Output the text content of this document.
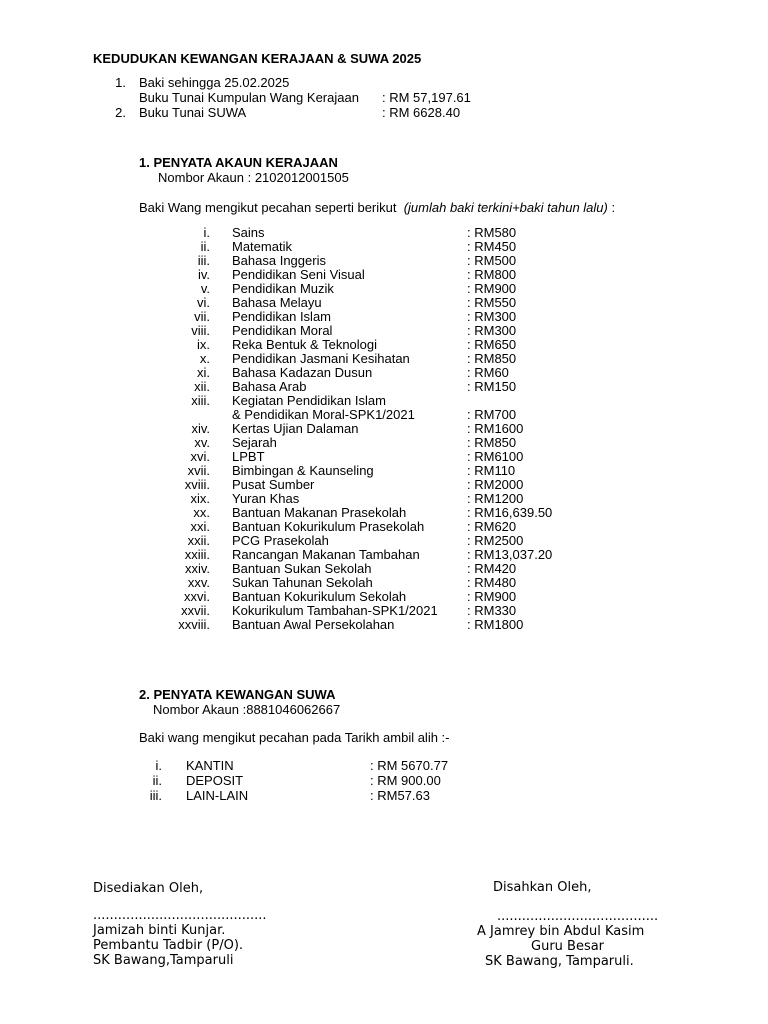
KEDUDUKAN KEWANGAN KERAJAAN & SUWA 2025
1. Baki sehingga 25.02.2025
Buku Tunai Kumpulan Wang Kerajaan : RM 57,197.61
2. Buku Tunai SUWA	: RM 6628.40
1. PENYATA AKAUN KERAJAAN
Nombor Akaun : 2102012001505
Baki Wang mengikut pecahan seperti berikut  (jumlah baki terkini+baki tahun lalu) :
i. Sains	: RM580
ii. Matematik	: RM450
iii. Bahasa Inggeris	: RM500
iv. Pendidikan Seni Visual	: RM800
v. Pendidikan Muzik	: RM900
vi. Bahasa Melayu	: RM550
vii. Pendidikan Islam	: RM300
viii. Pendidikan Moral	: RM300
ix. Reka Bentuk & Teknologi	: RM650
x. Pendidikan Jasmani Kesihatan	: RM850
xi. Bahasa Kadazan Dusun	: RM60
xii. Bahasa Arab	: RM150
xiii. Kegiatan Pendidikan Islam
& Pendidikan Moral-SPK1/2021	: RM700
xiv. Kertas Ujian Dalaman	: RM1600
xv. Sejarah	: RM850
xvi. LPBT	: RM6100
xvii. Bimbingan & Kaunseling	: RM110
xviii. Pusat Sumber	: RM2000
xix. Yuran Khas	: RM1200
xx. Bantuan Makanan Prasekolah	: RM16,639.50
xxi. Bantuan Kokurikulum Prasekolah	: RM620
xxii. PCG Prasekolah	: RM2500
xxiii. Rancangan Makanan Tambahan	: RM13,037.20
xxiv. Bantuan Sukan Sekolah	: RM420
xxv. Sukan Tahunan Sekolah	: RM480
xxvi. Bantuan Kokurikulum Sekolah	: RM900
xxvii. Kokurikulum Tambahan-SPK1/2021 : RM330
xxviii. Bantuan Awal Persekolahan	: RM1800
2. PENYATA KEWANGAN SUWA
Nombor Akaun :8881046062667
Baki wang mengikut pecahan pada Tarikh ambil alih :-
i. KANTIN	: RM 5670.77
ii. DEPOSIT	: RM 900.00
iii. LAIN-LAIN	: RM57.63
Disediakan Oleh,
..........................................
Jamizah binti Kunjar.
Pembantu Tadbir (P/O).
SK Bawang,Tamparuli
Disahkan Oleh,
.......................................
A Jamrey bin Abdul Kasim
Guru Besar
SK Bawang, Tamparuli.
